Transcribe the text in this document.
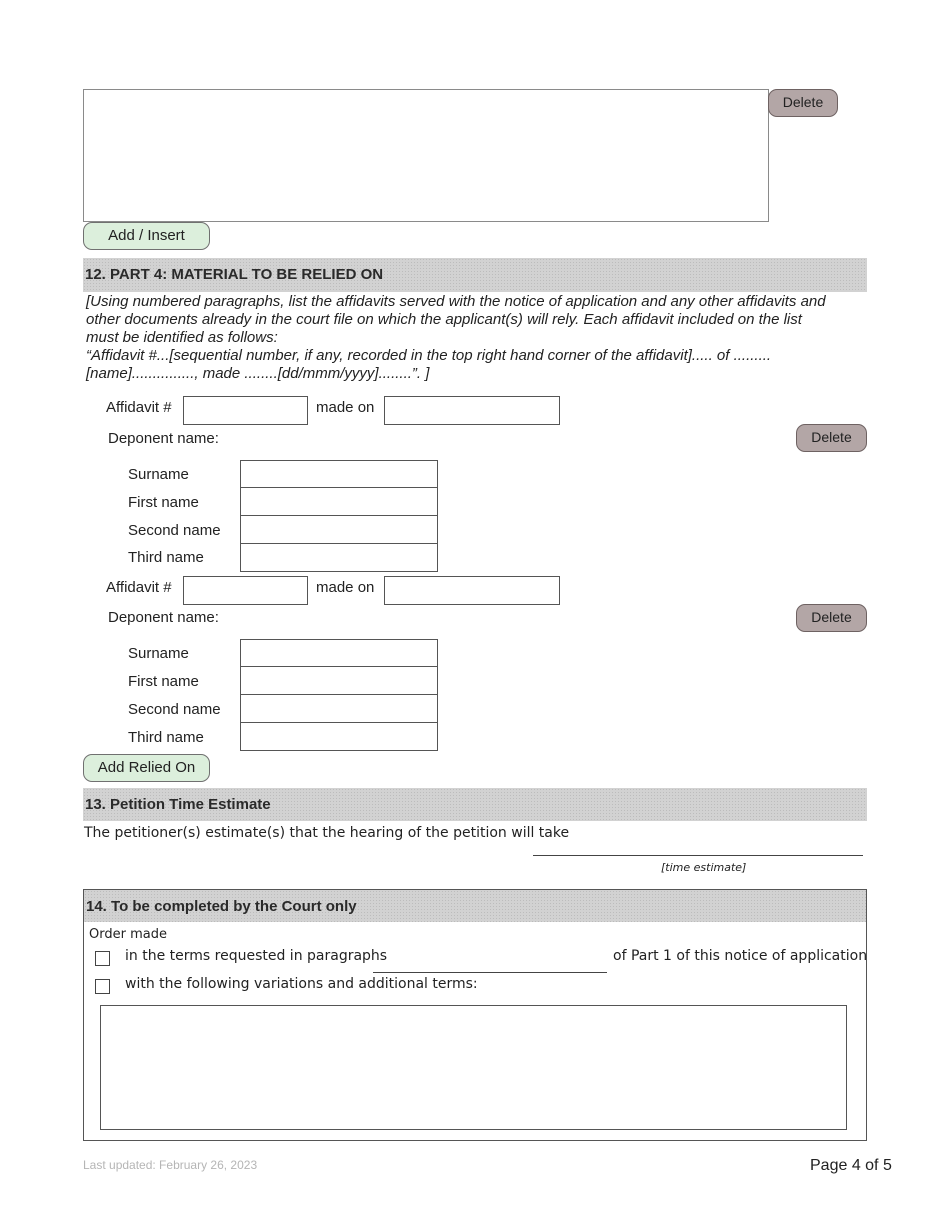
Delete
Add / Insert
12. PART 4: MATERIAL TO BE RELIED ON
[Using numbered paragraphs, list the affidavits served with the notice of application and any other affidavits and
other documents already in the court file on which the applicant(s) will rely. Each affidavit included on the list
must be identified as follows:
“Affidavit #...[sequential number, if any, recorded in the top right hand corner of the affidavit]..... of .........
[name]..............., made ........[dd/mmm/yyyy]........”. ]
Affidavit #	made on
Deponent name:	Delete
Surname
First name
Second name
Third name
Affidavit #	made on
Deponent name:	Delete
Surname
First name
Second name
Third name
Add Relied On
13. Petition Time Estimate
The petitioner(s) estimate(s) that the hearing of the petition will take
[time estimate]
14. To be completed by the Court only
Order made
in the terms requested in paragraphs	of Part 1 of this notice of application
with the following variations and additional terms:
Last updated: February 26, 2023	Page 4 of 5
